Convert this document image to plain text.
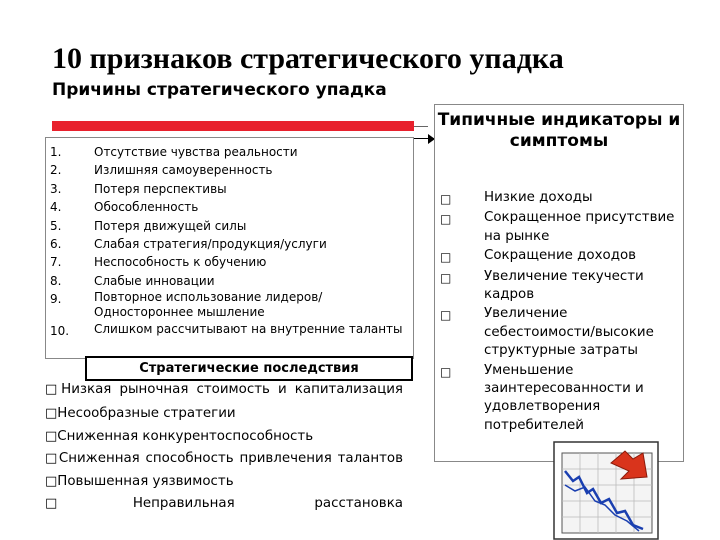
10 признаков стратегического упадка
Причины стратегического упадка
1.	Отсутствие чувства реальности
2.	Излишняя самоуверенность
3.	Потеря перспективы
4.	Обособленность
5.	Потеря движущей силы
6.	Слабая стратегия/продукция/услуги
7.	Неспособность к обучению
8.	Слабые инновации
9.	Повторное использование лидеров/Одностороннее мышление
10.	Слишком рассчитывают на внутренние таланты
Стратегические последствия
□Низкая рыночная стоимость и капитализация
□Несообразные стратегии
□Сниженная конкурентоспособность
□Сниженная способность привлечения талантов
□Повышенная уязвимость
□Неправильная расстановка
Типичные индикаторы и симптомы
□	Низкие доходы
□	Сокращенное присутствие на рынке
□	Сокращение доходов
□	Увеличение текучести кадров
□	Увеличение себестоимости/высокие структурные затраты
□	Уменьшение заинтересованности и удовлетворения потребителей
